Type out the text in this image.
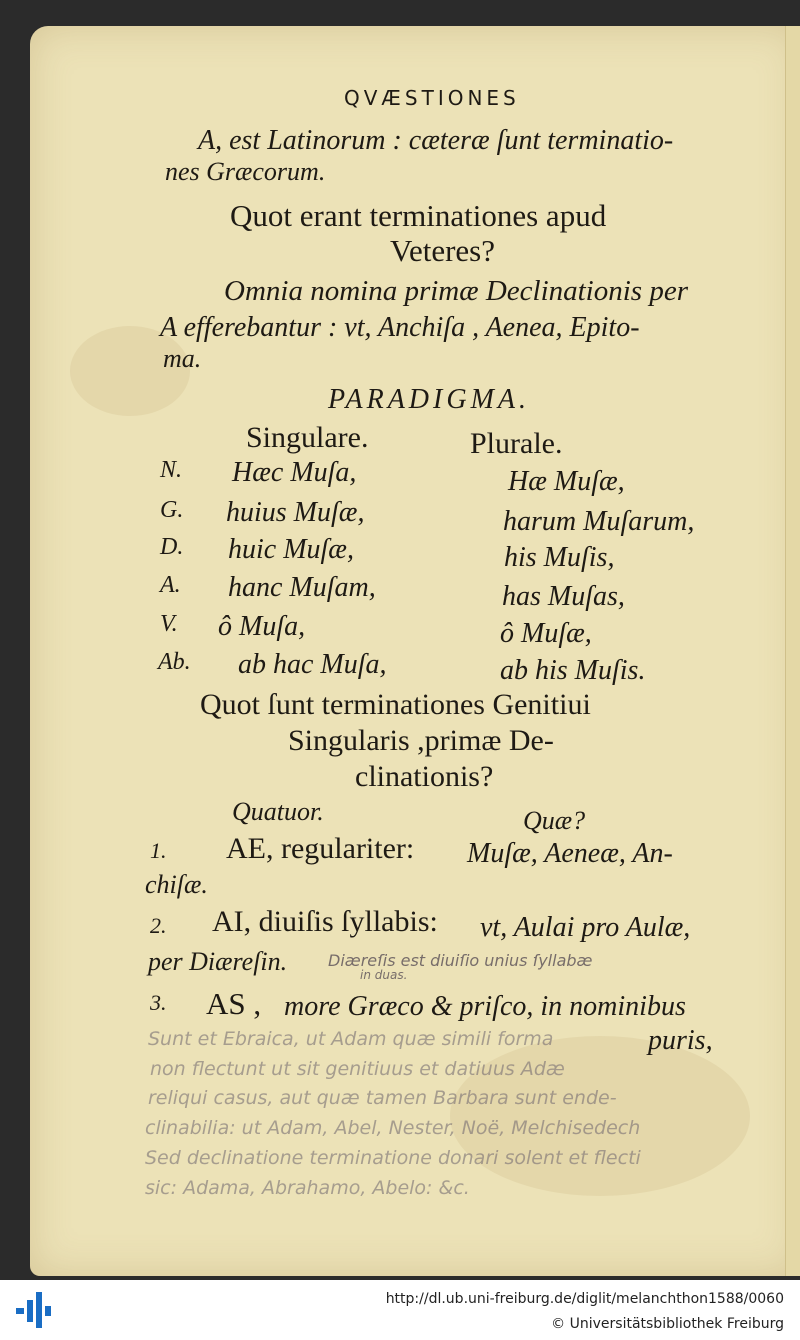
QVÆSTIONES
A, est Latinorum : cæteræ ſunt terminatio-
nes Græcorum.
Quot erant terminationes apud
Veteres?
Omnia nomina primæ Declinationis per
A efferebantur : vt, Anchiſa , Aenea, Epito-
ma.
PARADIGMA.
Singulare.	Plurale.
N. Hæc Muſa,	Hæ Muſæ,
G. huius Muſæ,	harum Muſarum,
D. huic Muſæ,	his Muſis,
A. hanc Muſam,	has Muſas,
V. ô Muſa,	ô Muſæ,
Ab. ab hac Muſa,	ab his Muſis.
Quot ſunt terminationes Genitiui
Singularis ,primæ De-
clinationis?
Quatuor.	Quæ?
1. AE, regulariter: Muſæ, Aeneæ, An-
chiſæ.
2. AI, diuiſis ſyllabis: vt, Aulai pro Aulæ,
per Diæreſin.	Diæreſis est diuiſio unius ſyllabæ
in duas.
3. AS , more Græco & priſco, in nominibus
puris,
Sunt et Ebraica, ut Adam quæ simili forma
non flectunt ut sit genitiuus et datiuus Adæ
reliqui casus, aut quæ tamen Barbara sunt ende-
clinabilia: ut Adam, Abel, Nester, Noë, Melchisedech
Sed declinatione terminatione donari solent et flecti
sic: Adama, Abrahamo, Abelo: &c.
http://dl.ub.uni-freiburg.de/diglit/melanchthon1588/0060
© Universitätsbibliothek Freiburg
